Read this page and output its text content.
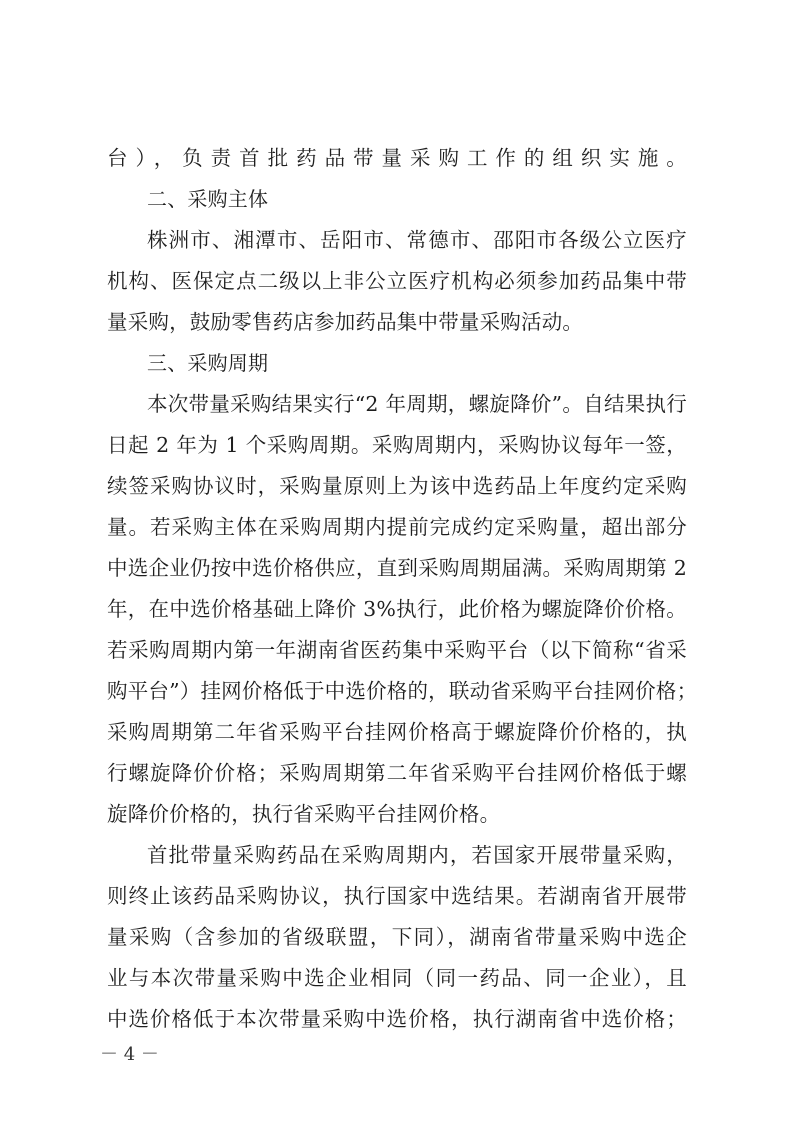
台），负责首批药品带量采购工作的组织实施。
二、采购主体
株洲市、湘潭市、岳阳市、常德市、邵阳市各级公立医疗
机构、医保定点二级以上非公立医疗机构必须参加药品集中带
量采购，鼓励零售药店参加药品集中带量采购活动。
三、采购周期
本次带量采购结果实行“2 年周期，螺旋降价”。自结果执行
日起 2 年为 1 个采购周期。采购周期内，采购协议每年一签，
续签采购协议时，采购量原则上为该中选药品上年度约定采购
量。若采购主体在采购周期内提前完成约定采购量，超出部分
中选企业仍按中选价格供应，直到采购周期届满。采购周期第 2
年，在中选价格基础上降价 3%执行，此价格为螺旋降价价格。
若采购周期内第一年湖南省医药集中采购平台（以下简称“省采
购平台”）挂网价格低于中选价格的，联动省采购平台挂网价格；
采购周期第二年省采购平台挂网价格高于螺旋降价价格的，执
行螺旋降价价格；采购周期第二年省采购平台挂网价格低于螺
旋降价价格的，执行省采购平台挂网价格。
首批带量采购药品在采购周期内，若国家开展带量采购，
则终止该药品采购协议，执行国家中选结果。若湖南省开展带
量采购（含参加的省级联盟，下同），湖南省带量采购中选企
业与本次带量采购中选企业相同（同一药品、同一企业），且
中选价格低于本次带量采购中选价格，执行湖南省中选价格；
－ 4 －
